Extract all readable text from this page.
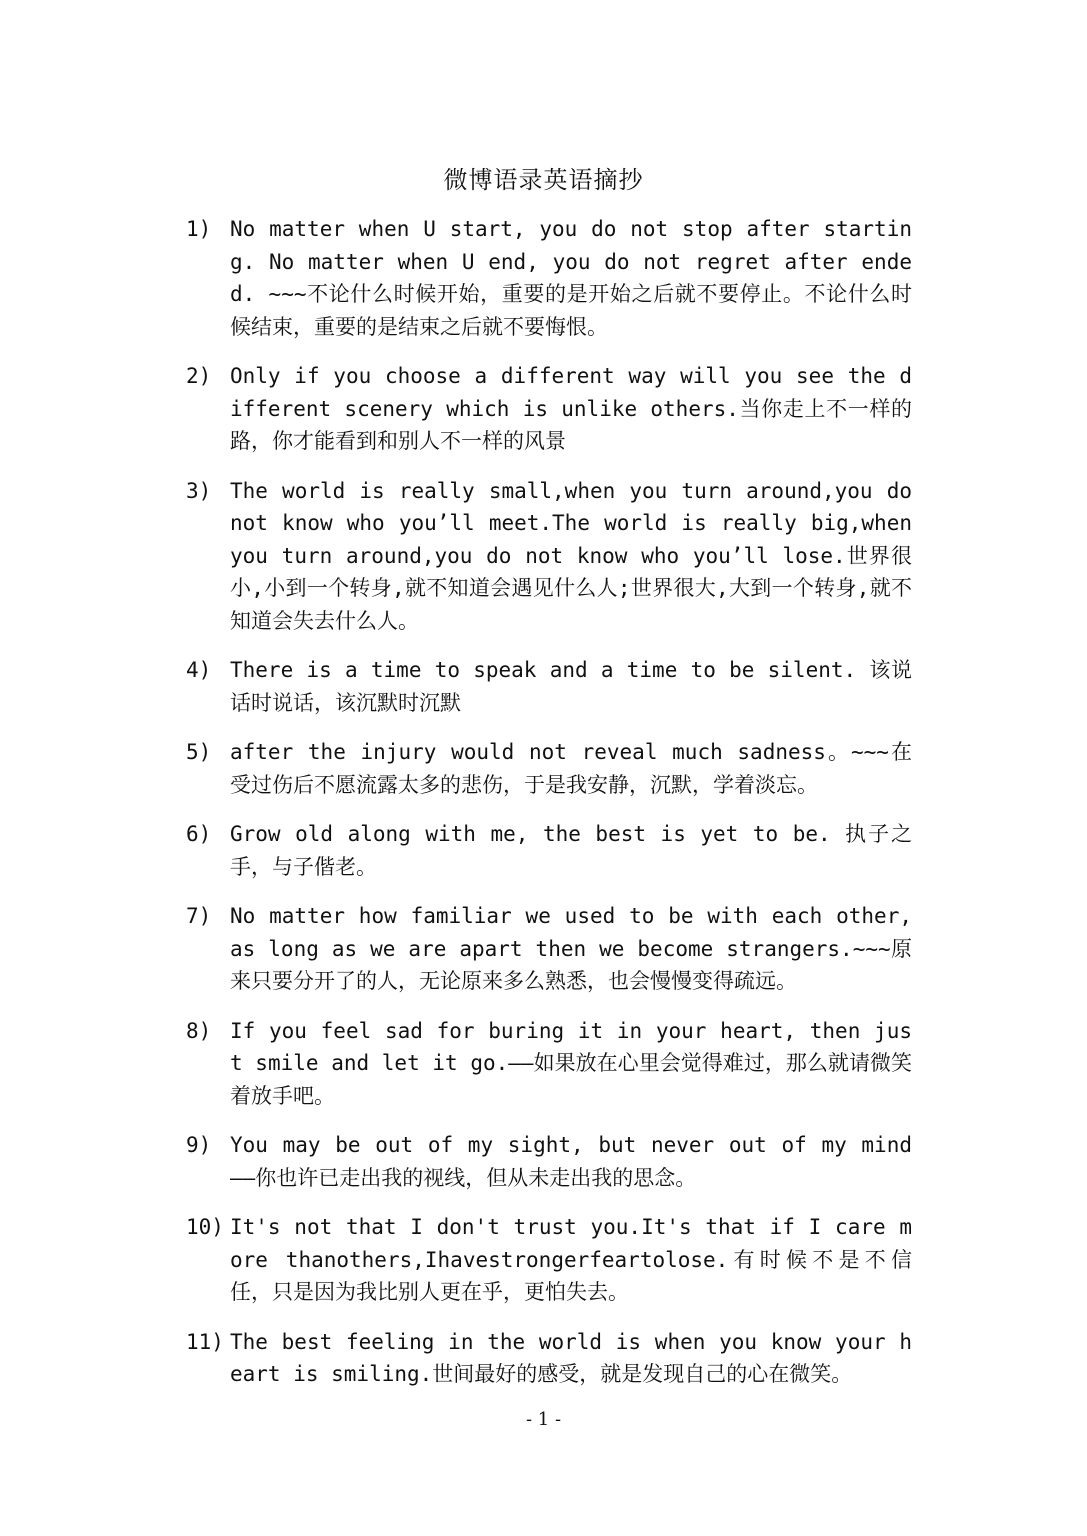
微博语录英语摘抄
1) No matter when U start, you do not stop after starting. No matter when U end, you do not regret after ended. ~~~不论什么时候开始，重要的是开始之后就不要停止。不论什么时候结束，重要的是结束之后就不要悔恨。
2) Only if you choose a different way will you see the different scenery which is unlike others.当你走上不一样的路，你才能看到和别人不一样的风景
3) The world is really small,when you turn around,you do not know who you’ll meet.The world is really big,when you turn around,you do not know who you’ll lose.世界很小,小到一个转身,就不知道会遇见什么人;世界很大,大到一个转身,就不知道会失去什么人。
4) There is a time to speak and a time to be silent. 该说话时说话，该沉默时沉默
5) after the injury would not reveal much sadness。~~~在受过伤后不愿流露太多的悲伤，于是我安静，沉默，学着淡忘。
6) Grow old along with me, the best is yet to be. 执子之手，与子偕老。
7) No matter how familiar we used to be with each other,as long as we are apart then we become strangers.~~~原来只要分开了的人，无论原来多么熟悉，也会慢慢变得疏远。
8) If you feel sad for buring it in your heart, then just smile and let it go.——如果放在心里会觉得难过，那么就请微笑着放手吧。
9) You may be out of my sight, but never out of my mind——你也许已走出我的视线，但从未走出我的思念。
10) It's not that I don't trust you.It's that if I care more thanothers,Ihavestrongerfeartolose.有时候不是不信任，只是因为我比别人更在乎，更怕失去。
11) The best feeling in the world is when you know your heart is smiling.世间最好的感受，就是发现自己的心在微笑。
- 1 -
